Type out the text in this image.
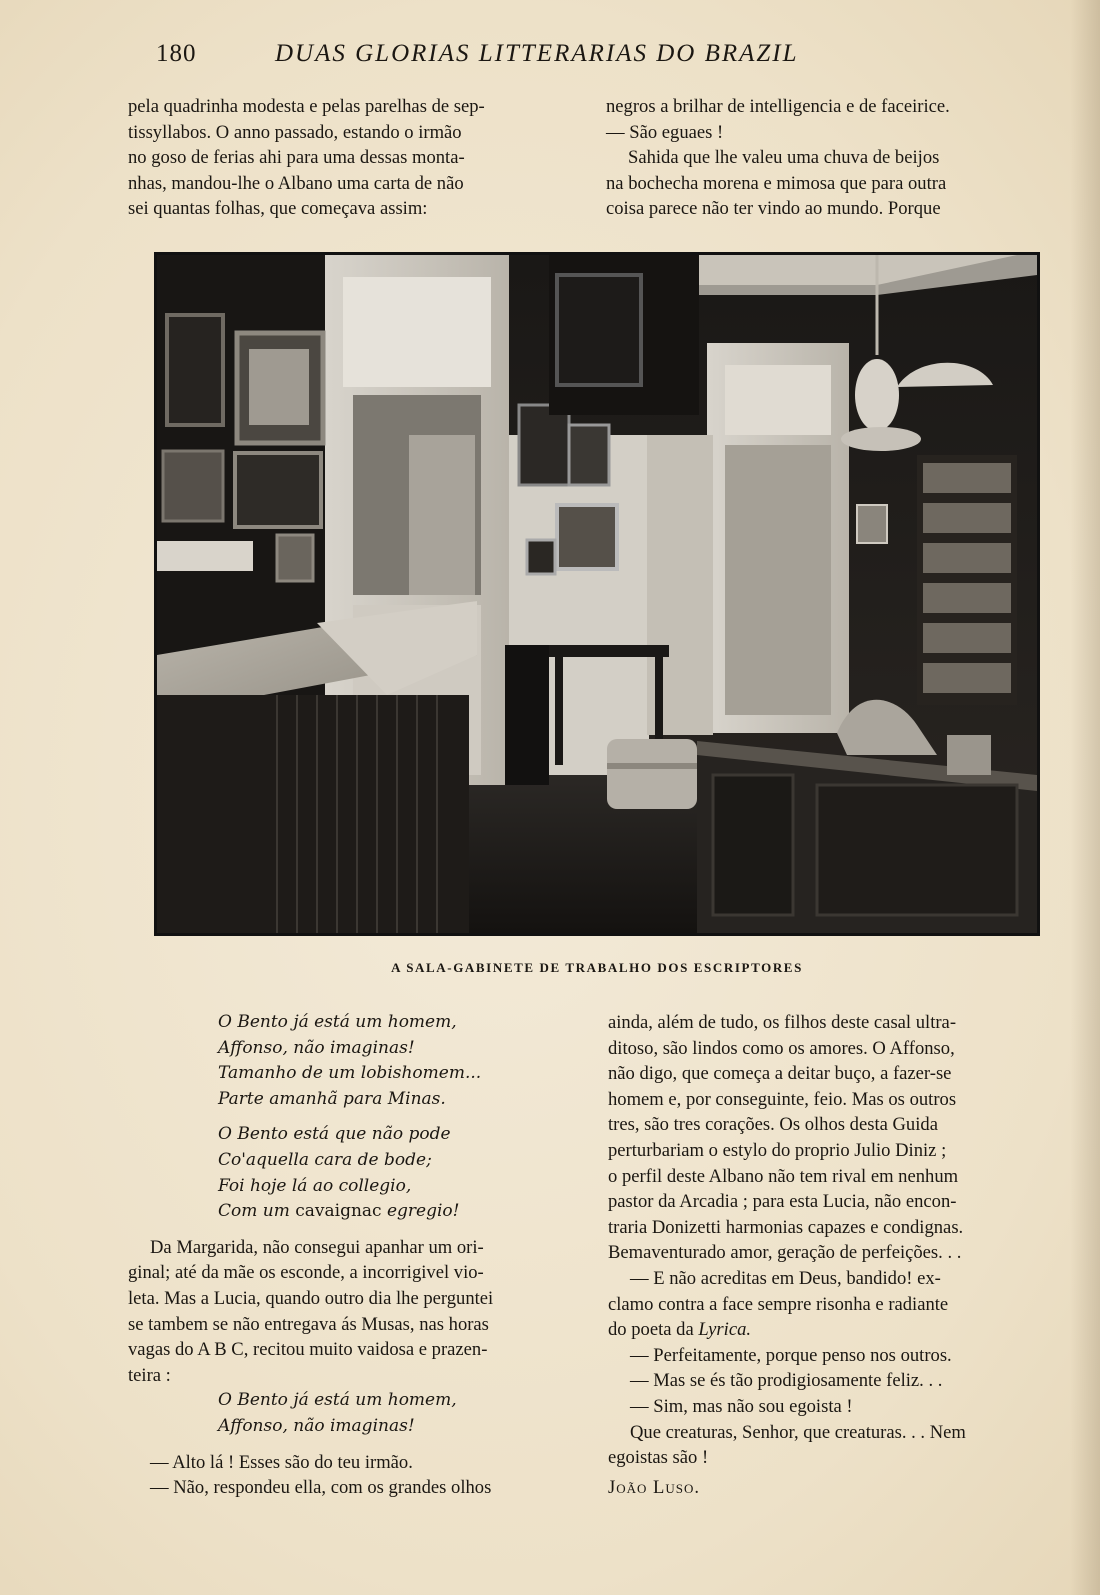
180	DUAS GLORIAS LITTERARIAS DO BRAZIL

pela quadrinha modesta e pelas parelhas de sep-

tissyllabos. O anno passado, estando o irmão

no goso de ferias ahi para uma dessas monta-

nhas, mandou-lhe o Albano uma carta de não

sei quantas folhas, que começava assim:

negros a brilhar de intelligencia e de faceirice.

— São eguaes !

Sahida que lhe valeu uma chuva de beijos

na bochecha morena e mimosa que para outra

coisa parece não ter vindo ao mundo. Porque

A SALA-GABINETE DE TRABALHO DOS ESCRIPTORES
O Bento já está um homem,
Affonso, não imaginas!
Tamanho de um lobishomem...
Parte amanhã para Minas.
O Bento está que não pode
Co'aquella cara de bode;
Foi hoje lá ao collegio,
Com um cavaignac egregio!

Da Margarida, não consegui apanhar um ori-

ginal; até da mãe os esconde, a incorrigivel vio-

leta. Mas a Lucia, quando outro dia lhe perguntei

se tambem se não entregava ás Musas, nas horas

vagas do A B C, recitou muito vaidosa e prazen-

teira :

O Bento já está um homem,
Affonso, não imaginas!

— Alto lá ! Esses são do teu irmão.

— Não, respondeu ella, com os grandes olhos

ainda, além de tudo, os filhos deste casal ultra-

ditoso, são lindos como os amores. O Affonso,

não digo, que começa a deitar buço, a fazer-se

homem e, por conseguinte, feio. Mas os outros

tres, são tres corações. Os olhos desta Guida

perturbariam o estylo do proprio Julio Diniz ;

o perfil deste Albano não tem rival em nenhum

pastor da Arcadia ; para esta Lucia, não encon-

traria Donizetti harmonias capazes e condignas.

Bemaventurado amor, geração de perfeições. . .

— E não acreditas em Deus, bandido! ex-

clamo contra a face sempre risonha e radiante

do poeta da Lyrica.

— Perfeitamente, porque penso nos outros.

— Mas se és tão prodigiosamente feliz. . .

— Sim, mas não sou egoista !

Que creaturas, Senhor, que creaturas. . . Nem

egoistas são !

João Luso.
